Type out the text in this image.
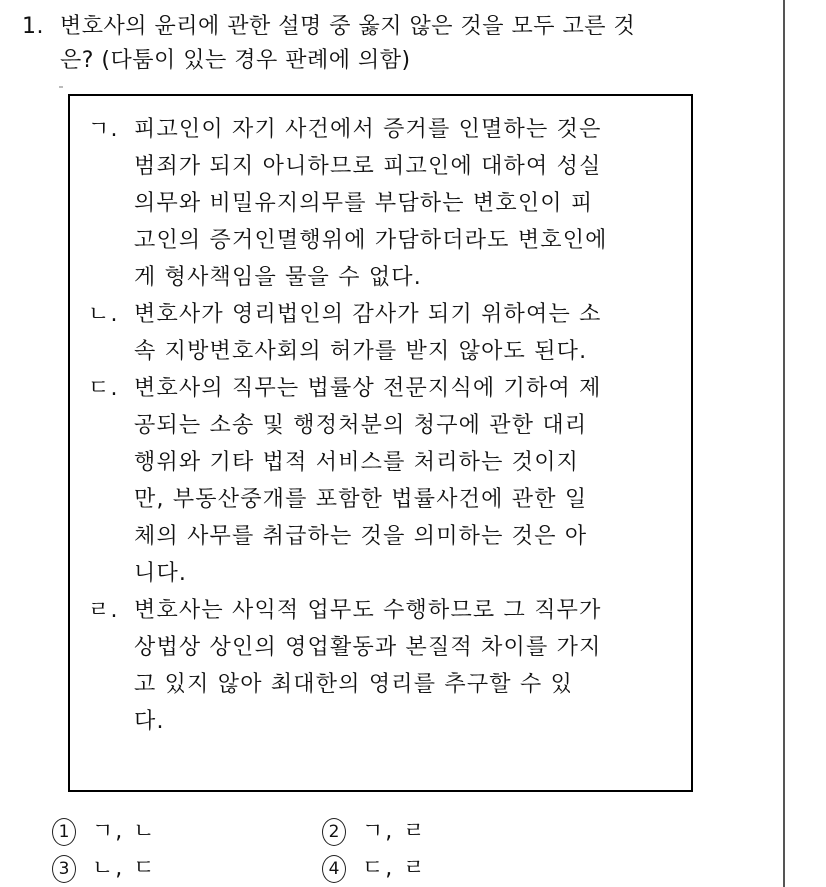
1. 변호사의 윤리에 관한 설명 중 옳지 않은 것을 모두 고른 것
은? (다툼이 있는 경우 판례에 의함)
ㄱ. 피고인이 자기 사건에서 증거를 인멸하는 것은
범죄가 되지 아니하므로 피고인에 대하여 성실
의무와 비밀유지의무를 부담하는 변호인이 피
고인의 증거인멸행위에 가담하더라도 변호인에
게 형사책임을 물을 수 없다.
ㄴ. 변호사가 영리법인의 감사가 되기 위하여는 소
속 지방변호사회의 허가를 받지 않아도 된다.
ㄷ. 변호사의 직무는 법률상 전문지식에 기하여 제
공되는 소송 및 행정처분의 청구에 관한 대리
행위와 기타 법적 서비스를 처리하는 것이지
만, 부동산중개를 포함한 법률사건에 관한 일
체의 사무를 취급하는 것을 의미하는 것은 아
니다.
ㄹ. 변호사는 사익적 업무도 수행하므로 그 직무가
상법상 상인의 영업활동과 본질적 차이를 가지
고 있지 않아 최대한의 영리를 추구할 수 있
다.
1 ㄱ, ㄴ	2 ㄱ, ㄹ
3 ㄴ, ㄷ	4 ㄷ, ㄹ
